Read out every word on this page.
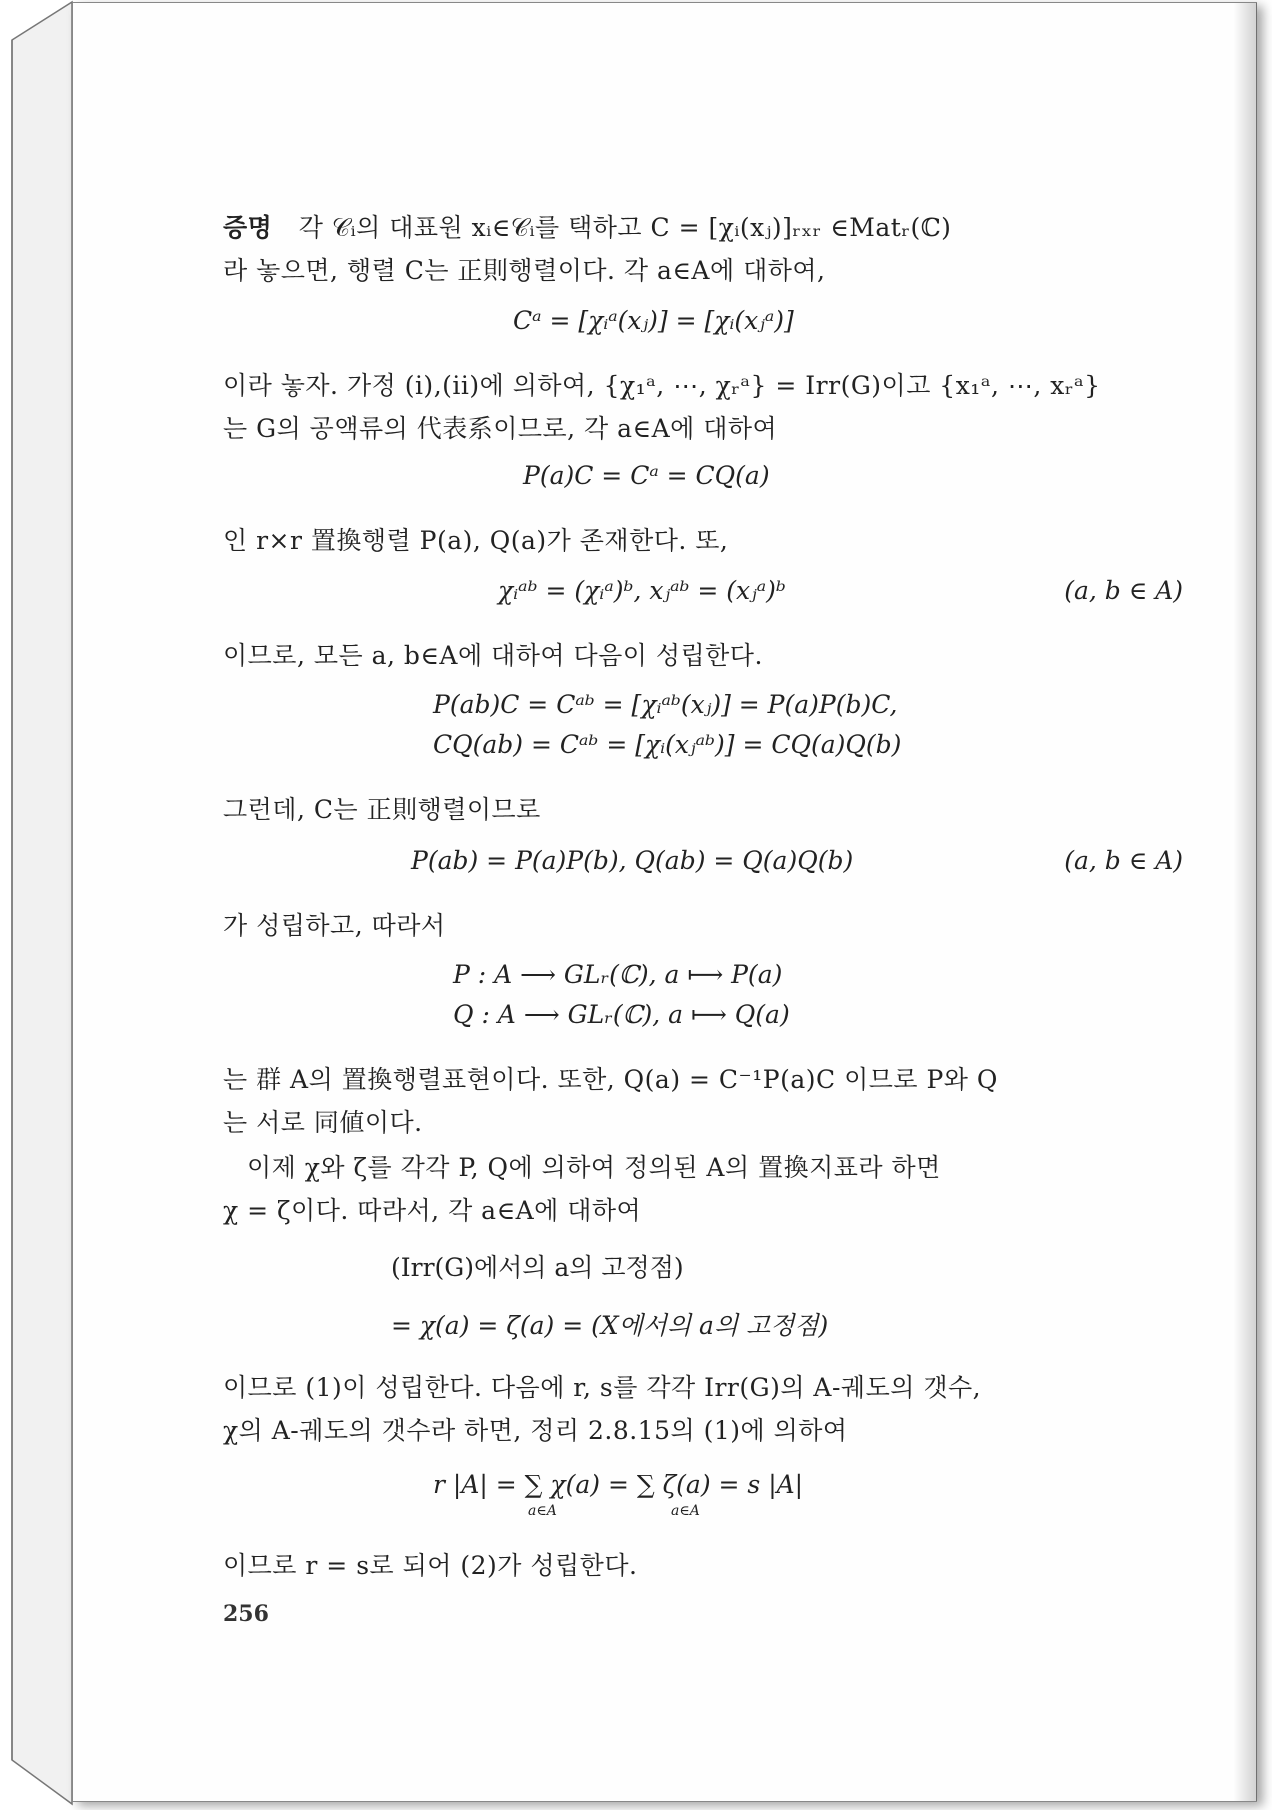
증명 각 𝒞ᵢ의 대표원 xᵢ∈𝒞ᵢ를 택하고 C = [χᵢ(xⱼ)]ᵣₓᵣ ∈Matᵣ(ℂ)
라 놓으면, 행렬 C는 正則행렬이다. 각 a∈A에 대하여,
Cᵃ = [χᵢᵃ(xⱼ)] = [χᵢ(xⱼᵃ)]
이라 놓자. 가정 (i),(ii)에 의하여, {χ₁ᵃ, ⋯, χᵣᵃ} = Irr(G)이고 {x₁ᵃ, ⋯, xᵣᵃ}
는 G의 공액류의 代表系이므로, 각 a∈A에 대하여
P(a)C = Cᵃ = CQ(a)
인 r×r 置換행렬 P(a), Q(a)가 존재한다. 또,
χᵢᵃᵇ = (χᵢᵃ)ᵇ, xⱼᵃᵇ = (xⱼᵃ)ᵇ	(a, b ∈ A)
이므로, 모든 a, b∈A에 대하여 다음이 성립한다.
P(ab)C = Cᵃᵇ = [χᵢᵃᵇ(xⱼ)] = P(a)P(b)C,
CQ(ab) = Cᵃᵇ = [χᵢ(xⱼᵃᵇ)] = CQ(a)Q(b)
그런데, C는 正則행렬이므로
P(ab) = P(a)P(b), Q(ab) = Q(a)Q(b)	(a, b ∈ A)
가 성립하고, 따라서
P : A ⟶ GLᵣ(ℂ), a ⟼ P(a)
Q : A ⟶ GLᵣ(ℂ), a ⟼ Q(a)
는 群 A의 置換행렬표현이다. 또한, Q(a) = C⁻¹P(a)C 이므로 P와 Q
는 서로 同値이다.
이제 χ와 ζ를 각각 P, Q에 의하여 정의된 A의 置換지표라 하면
χ = ζ이다. 따라서, 각 a∈A에 대하여
(Irr(G)에서의 a의 고정점)
= χ(a) = ζ(a) = (X에서의 a의 고정점)
이므로 (1)이 성립한다. 다음에 r, s를 각각 Irr(G)의 A-궤도의 갯수,
χ의 A-궤도의 갯수라 하면, 정리 2.8.15의 (1)에 의하여
r |A| = ∑ χ(a) = ∑ ζ(a) = s |A|
a∈A	a∈A
이므로 r = s로 되어 (2)가 성립한다.
256
